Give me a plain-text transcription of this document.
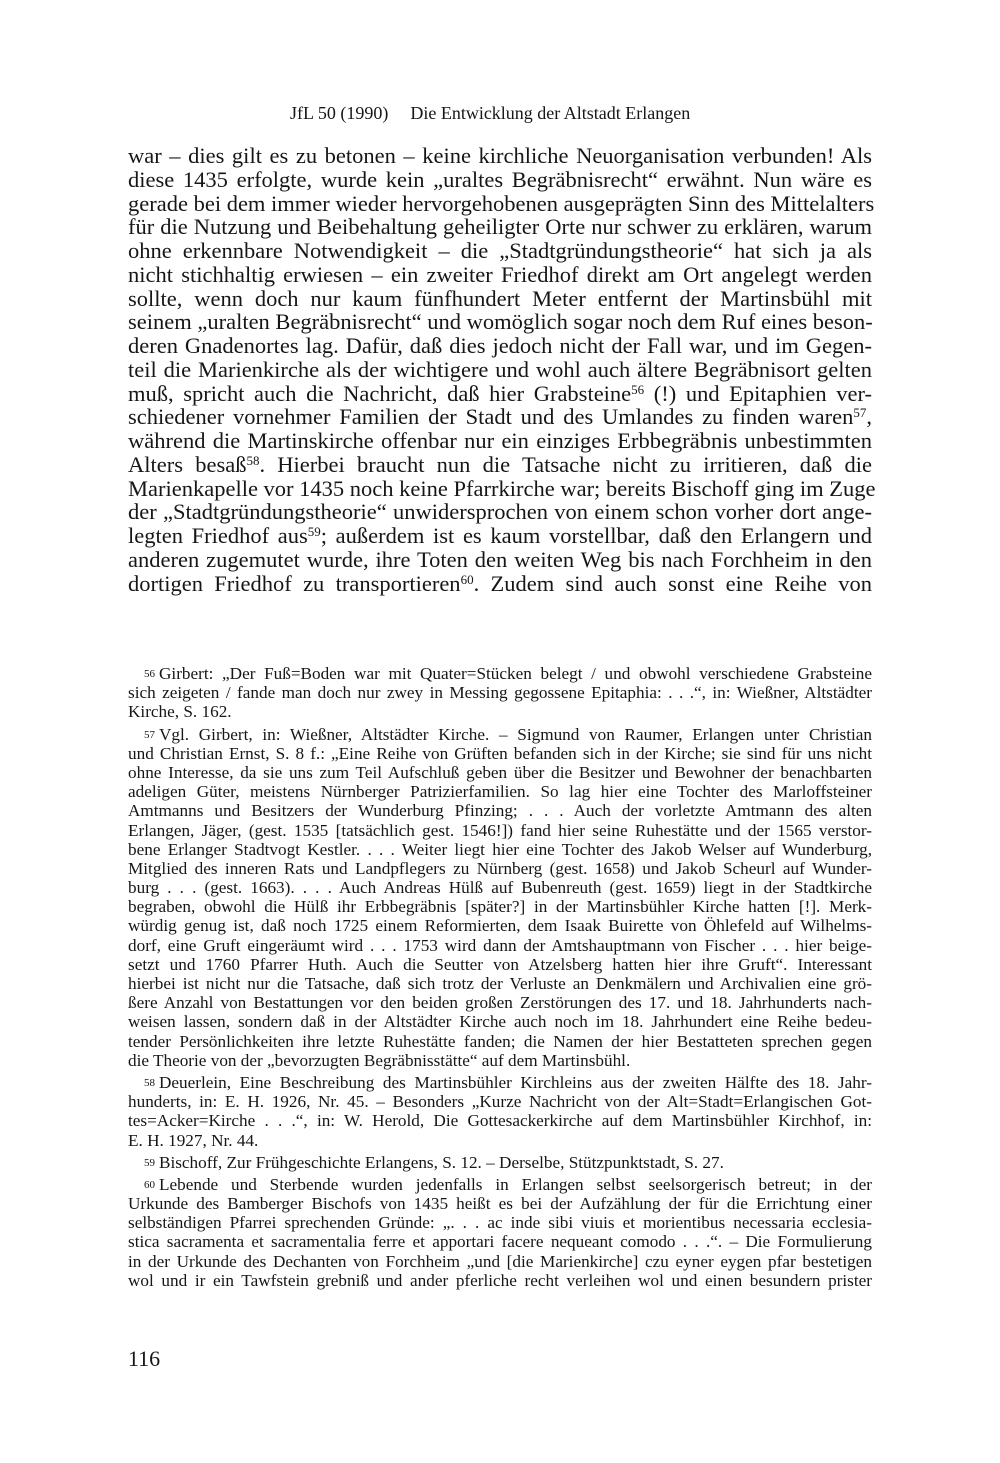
JfL 50 (1990) Die Entwicklung der Altstadt Erlangen
war – dies gilt es zu betonen – keine kirchliche Neuorganisation verbunden! Als
diese 1435 erfolgte, wurde kein „uraltes Begräbnisrecht“ erwähnt. Nun wäre es
gerade bei dem immer wieder hervorgehobenen ausgeprägten Sinn des Mittelalters
für die Nutzung und Beibehaltung geheiligter Orte nur schwer zu erklären, warum
ohne erkennbare Notwendigkeit – die „Stadtgründungstheorie“ hat sich ja als
nicht stichhaltig erwiesen – ein zweiter Friedhof direkt am Ort angelegt werden
sollte, wenn doch nur kaum fünfhundert Meter entfernt der Martinsbühl mit
seinem „uralten Begräbnisrecht“ und womöglich sogar noch dem Ruf eines beson-
deren Gnadenortes lag. Dafür, daß dies jedoch nicht der Fall war, und im Gegen-
teil die Marienkirche als der wichtigere und wohl auch ältere Begräbnisort gelten
muß, spricht auch die Nachricht, daß hier Grabsteine$^{56}$ (!) und Epitaphien ver-
schiedener vornehmer Familien der Stadt und des Umlandes zu finden waren$^{57}$,
während die Martinskirche offenbar nur ein einziges Erbbegräbnis unbestimmten
Alters besaß$^{58}$. Hierbei braucht nun die Tatsache nicht zu irritieren, daß die
Marienkapelle vor 1435 noch keine Pfarrkirche war; bereits Bischoff ging im Zuge
der „Stadtgründungstheorie“ unwidersprochen von einem schon vorher dort ange-
legten Friedhof aus$^{59}$; außerdem ist es kaum vorstellbar, daß den Erlangern und
anderen zugemutet wurde, ihre Toten den weiten Weg bis nach Forchheim in den
dortigen Friedhof zu transportieren$^{60}$. Zudem sind auch sonst eine Reihe von
56 Girbert: „Der Fuß=Boden war mit Quater=Stücken belegt / und obwohl verschiedene Grabsteine
sich zeigeten / fande man doch nur zwey in Messing gegossene Epitaphia: . . .“, in: Wießner, Altstädter
Kirche, S. 162.
57 Vgl. Girbert, in: Wießner, Altstädter Kirche. – Sigmund von Raumer, Erlangen unter Christian
und Christian Ernst, S. 8 f.: „Eine Reihe von Grüften befanden sich in der Kirche; sie sind für uns nicht
ohne Interesse, da sie uns zum Teil Aufschluß geben über die Besitzer und Bewohner der benachbarten
adeligen Güter, meistens Nürnberger Patrizierfamilien. So lag hier eine Tochter des Marloffsteiner
Amtmanns und Besitzers der Wunderburg Pfinzing; . . . Auch der vorletzte Amtmann des alten
Erlangen, Jäger, (gest. 1535 [tatsächlich gest. 1546!]) fand hier seine Ruhestätte und der 1565 verstor-
bene Erlanger Stadtvogt Kestler. . . . Weiter liegt hier eine Tochter des Jakob Welser auf Wunderburg,
Mitglied des inneren Rats und Landpflegers zu Nürnberg (gest. 1658) und Jakob Scheurl auf Wunder-
burg . . . (gest. 1663). . . . Auch Andreas Hülß auf Bubenreuth (gest. 1659) liegt in der Stadtkirche
begraben, obwohl die Hülß ihr Erbbegräbnis [später?] in der Martinsbühler Kirche hatten [!]. Merk-
würdig genug ist, daß noch 1725 einem Reformierten, dem Isaak Buirette von Öhlefeld auf Wilhelms-
dorf, eine Gruft eingeräumt wird . . . 1753 wird dann der Amtshauptmann von Fischer . . . hier beige-
setzt und 1760 Pfarrer Huth. Auch die Seutter von Atzelsberg hatten hier ihre Gruft“. Interessant
hierbei ist nicht nur die Tatsache, daß sich trotz der Verluste an Denkmälern und Archivalien eine grö-
ßere Anzahl von Bestattungen vor den beiden großen Zerstörungen des 17. und 18. Jahrhunderts nach-
weisen lassen, sondern daß in der Altstädter Kirche auch noch im 18. Jahrhundert eine Reihe bedeu-
tender Persönlichkeiten ihre letzte Ruhestätte fanden; die Namen der hier Bestatteten sprechen gegen
die Theorie von der „bevorzugten Begräbnisstätte“ auf dem Martinsbühl.
58 Deuerlein, Eine Beschreibung des Martinsbühler Kirchleins aus der zweiten Hälfte des 18. Jahr-
hunderts, in: E. H. 1926, Nr. 45. – Besonders „Kurze Nachricht von der Alt=Stadt=Erlangischen Got-
tes=Acker=Kirche . . .“, in: W. Herold, Die Gottesackerkirche auf dem Martinsbühler Kirchhof, in:
E. H. 1927, Nr. 44.
59 Bischoff, Zur Frühgeschichte Erlangens, S. 12. – Derselbe, Stützpunktstadt, S. 27.
60 Lebende und Sterbende wurden jedenfalls in Erlangen selbst seelsorgerisch betreut; in der
Urkunde des Bamberger Bischofs von 1435 heißt es bei der Aufzählung der für die Errichtung einer
selbständigen Pfarrei sprechenden Gründe: „. . . ac inde sibi viuis et morientibus necessaria ecclesia-
stica sacramenta et sacramentalia ferre et apportari facere nequeant comodo . . .“. – Die Formulierung
in der Urkunde des Dechanten von Forchheim „und [die Marienkirche] czu eyner eygen pfar bestetigen
wol und ir ein Tawfstein grebniß und ander pferliche recht verleihen wol und einen besundern prister
116
